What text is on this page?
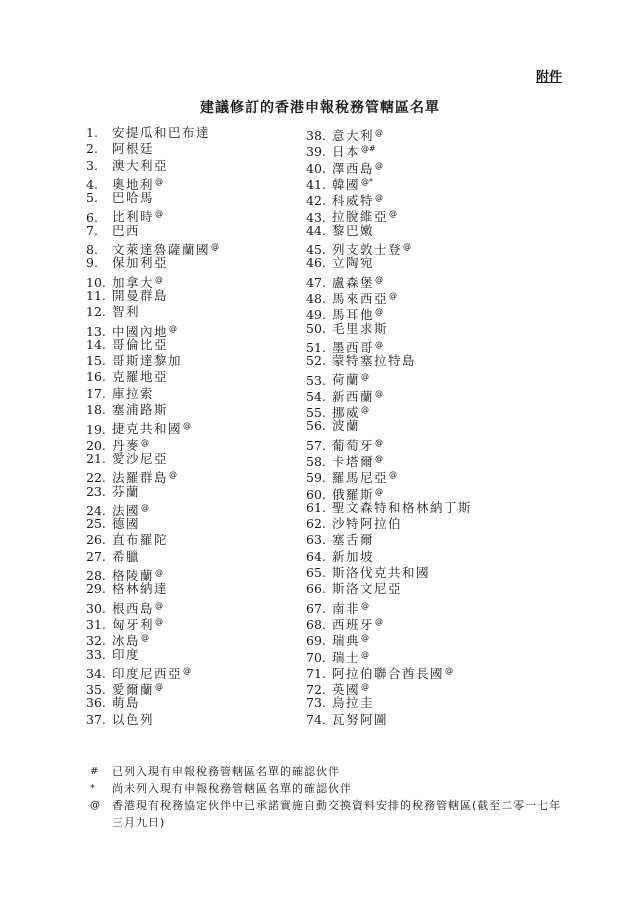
附件
建議修訂的香港申報稅務管轄區名單
1. 安提瓜和巴布達
2. 阿根廷
3. 澳大利亞
4. 奧地利@
5. 巴哈馬
6. 比利時@
7. 巴西
8. 文萊達魯薩蘭國@
9. 保加利亞
10. 加拿大@
11. 開曼群島
12. 智利
13. 中國內地@
14. 哥倫比亞
15. 哥斯達黎加
16. 克羅地亞
17. 庫拉索
18. 塞浦路斯
19. 捷克共和國@
20. 丹麥@
21. 愛沙尼亞
22. 法羅群島@
23. 芬蘭
24. 法國@
25. 德國
26. 直布羅陀
27. 希臘
28. 格陵蘭@
29. 格林納達
30. 根西島@
31. 匈牙利@
32. 冰島@
33. 印度
34. 印度尼西亞@
35. 愛爾蘭@
36. 萌島
37. 以色列
38. 意大利@
39. 日本@#
40. 澤西島@
41. 韓國@*
42. 科威特@
43. 拉脫維亞@
44. 黎巴嫩
45. 列支敦士登@
46. 立陶宛
47. 盧森堡@
48. 馬來西亞@
49. 馬耳他@
50. 毛里求斯
51. 墨西哥@
52. 蒙特塞拉特島
53. 荷蘭@
54. 新西蘭@
55. 挪威@
56. 波蘭
57. 葡萄牙@
58. 卡塔爾@
59. 羅馬尼亞@
60. 俄羅斯@
61. 聖文森特和格林納丁斯
62. 沙特阿拉伯
63. 塞舌爾
64. 新加坡
65. 斯洛伐克共和國
66. 斯洛文尼亞
67. 南非@
68. 西班牙@
69. 瑞典@
70. 瑞士@
71. 阿拉伯聯合酋長國@
72. 英國@
73. 烏拉圭
74. 瓦努阿圖
#	已列入現有申報稅務管轄區名單的確認伙伴
*	尚未列入現有申報稅務管轄區名單的確認伙伴
@	香港現有稅務協定伙伴中已承諾實施自動交換資料安排的稅務管轄區(截至二零一七年三月九日)
